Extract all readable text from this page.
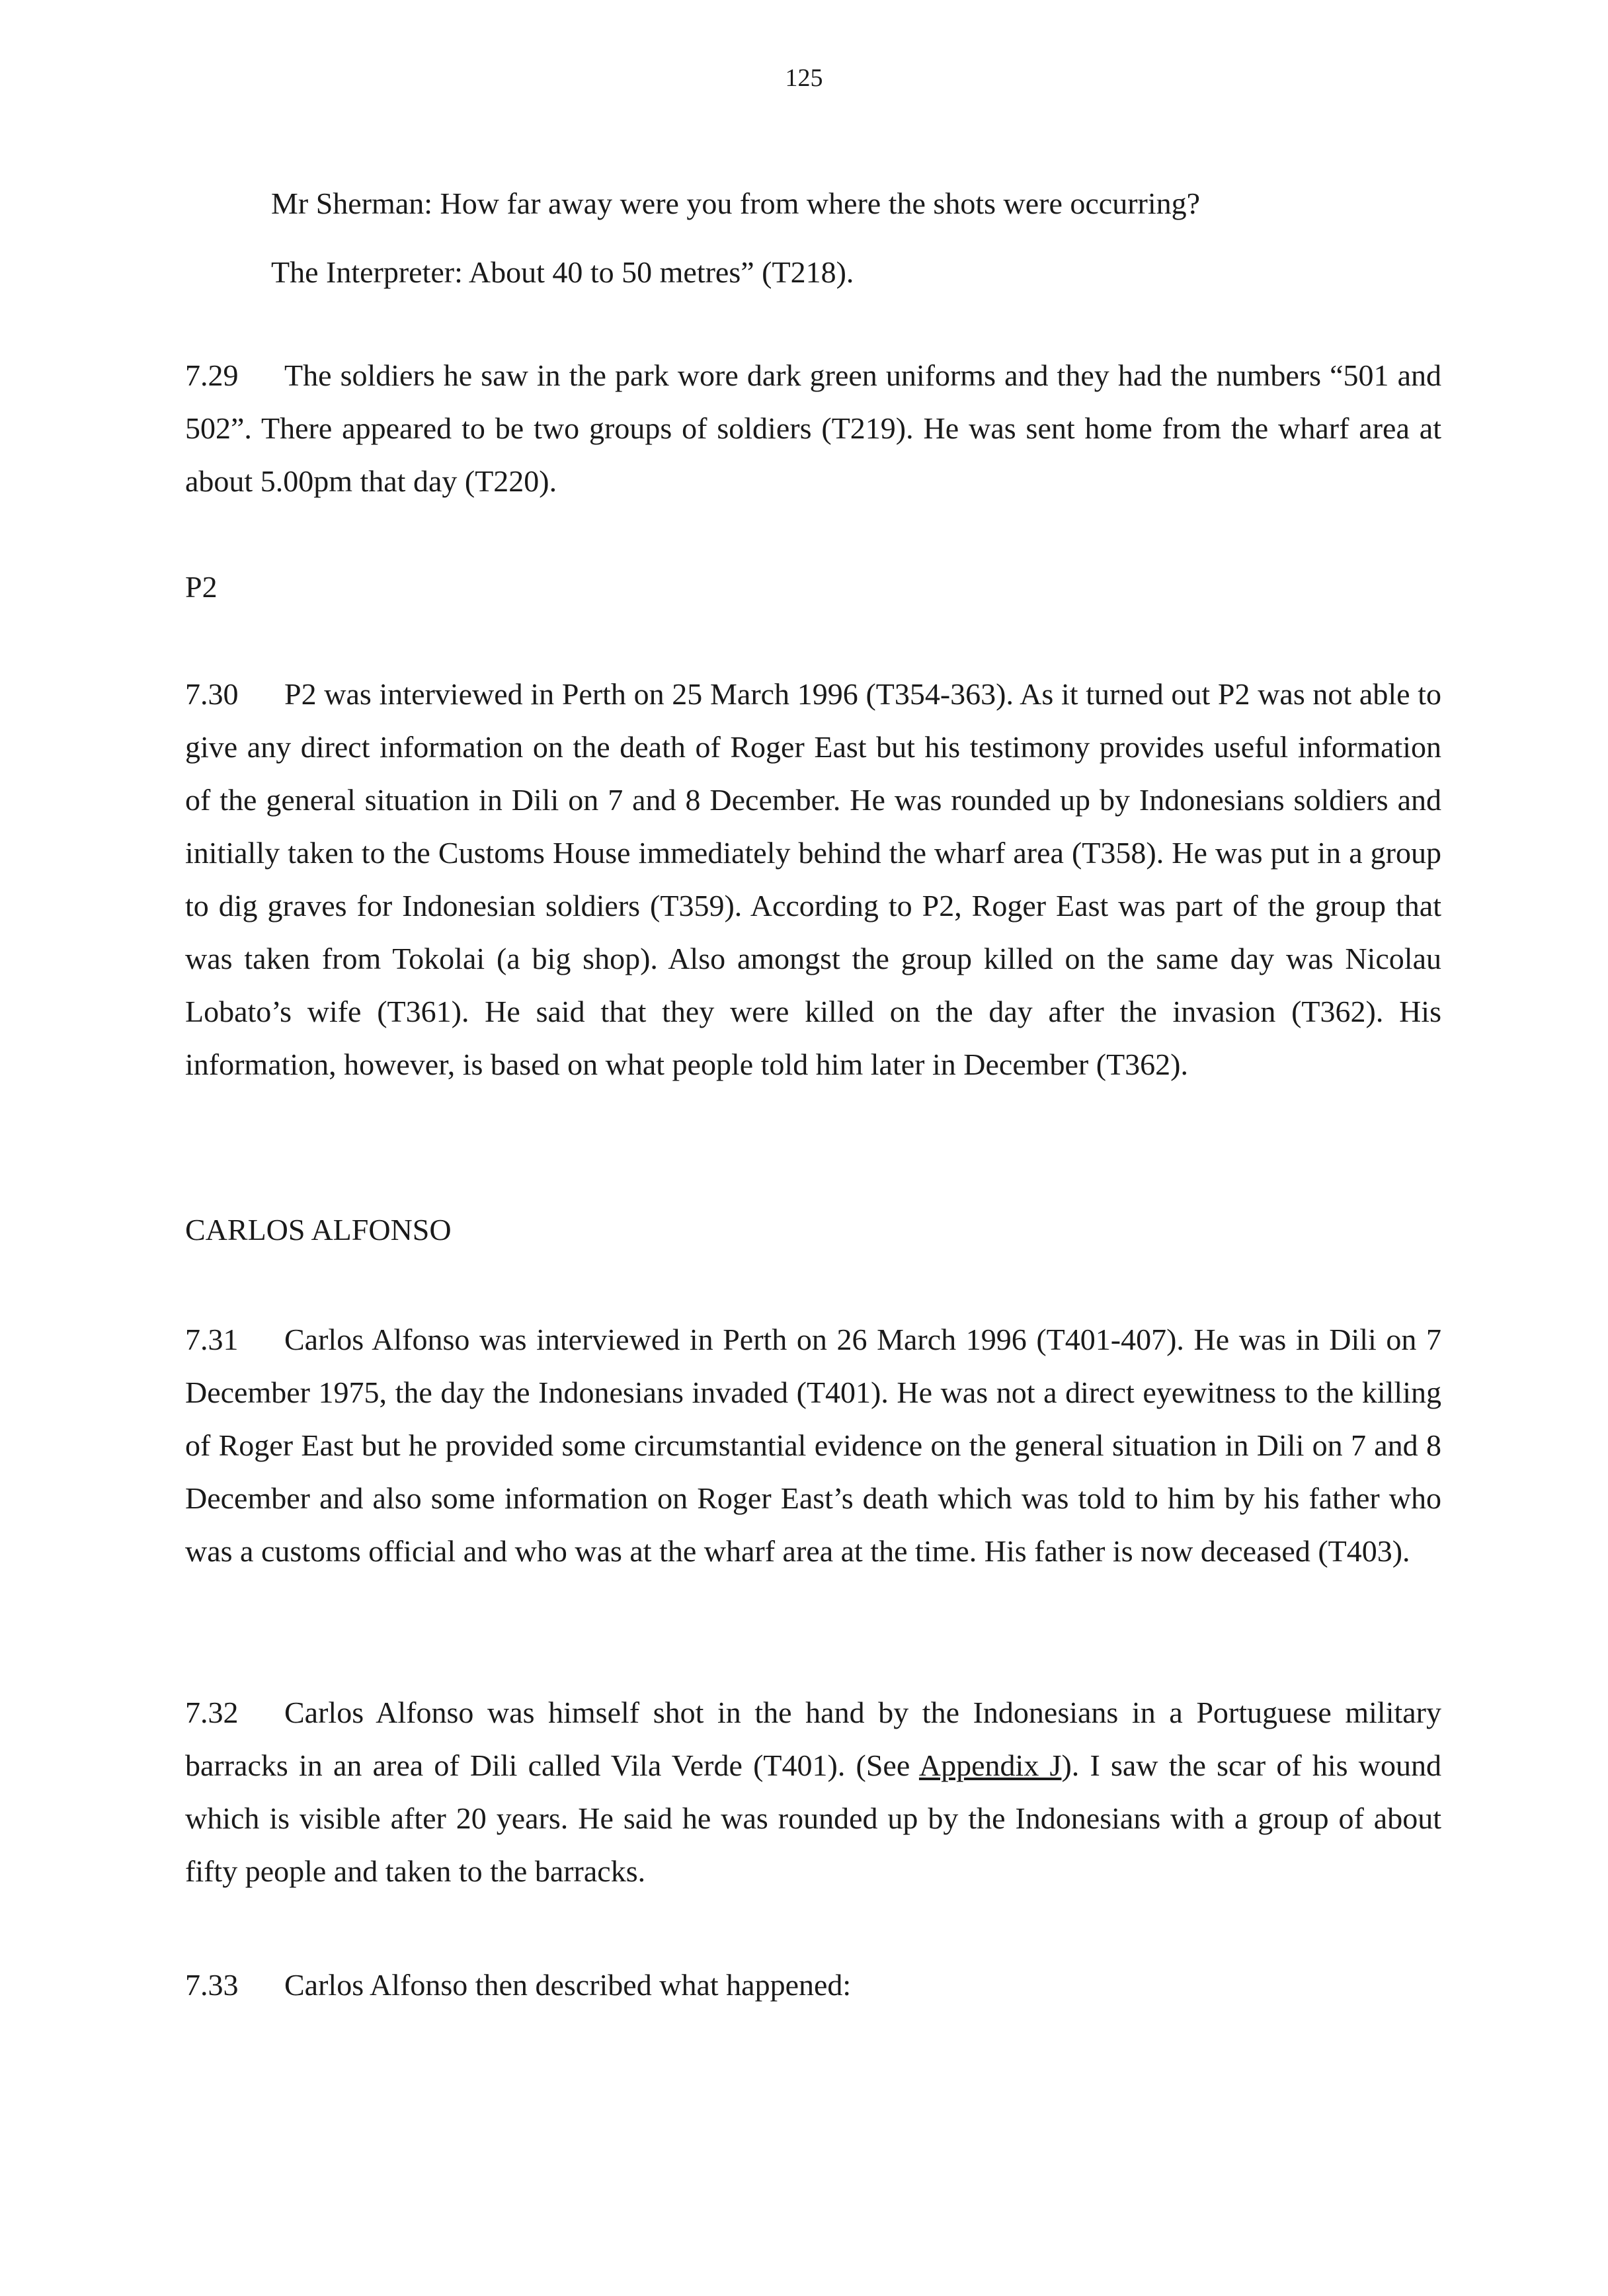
125
Mr Sherman: How far away were you from where the shots were occurring?
The Interpreter: About 40 to 50 metres” (T218).
7.29 The soldiers he saw in the park wore dark green uniforms and they had the numbers “501 and 502”. There appeared to be two groups of soldiers (T219). He was sent home from the wharf area at about 5.00pm that day (T220).
P2
7.30 P2 was interviewed in Perth on 25 March 1996 (T354-363). As it turned out P2 was not able to give any direct information on the death of Roger East but his testimony provides useful information of the general situation in Dili on 7 and 8 December. He was rounded up by Indonesians soldiers and initially taken to the Customs House immediately behind the wharf area (T358). He was put in a group to dig graves for Indonesian soldiers (T359). According to P2, Roger East was part of the group that was taken from Tokolai (a big shop). Also amongst the group killed on the same day was Nicolau Lobato’s wife (T361). He said that they were killed on the day after the invasion (T362). His information, however, is based on what people told him later in December (T362).
CARLOS ALFONSO
7.31 Carlos Alfonso was interviewed in Perth on 26 March 1996 (T401-407). He was in Dili on 7 December 1975, the day the Indonesians invaded (T401). He was not a direct eyewitness to the killing of Roger East but he provided some circumstantial evidence on the general situation in Dili on 7 and 8 December and also some information on Roger East’s death which was told to him by his father who was a customs official and who was at the wharf area at the time. His father is now deceased (T403).
7.32 Carlos Alfonso was himself shot in the hand by the Indonesians in a Portuguese military barracks in an area of Dili called Vila Verde (T401). (See Appendix J). I saw the scar of his wound which is visible after 20 years. He said he was rounded up by the Indonesians with a group of about fifty people and taken to the barracks.
7.33 Carlos Alfonso then described what happened:
